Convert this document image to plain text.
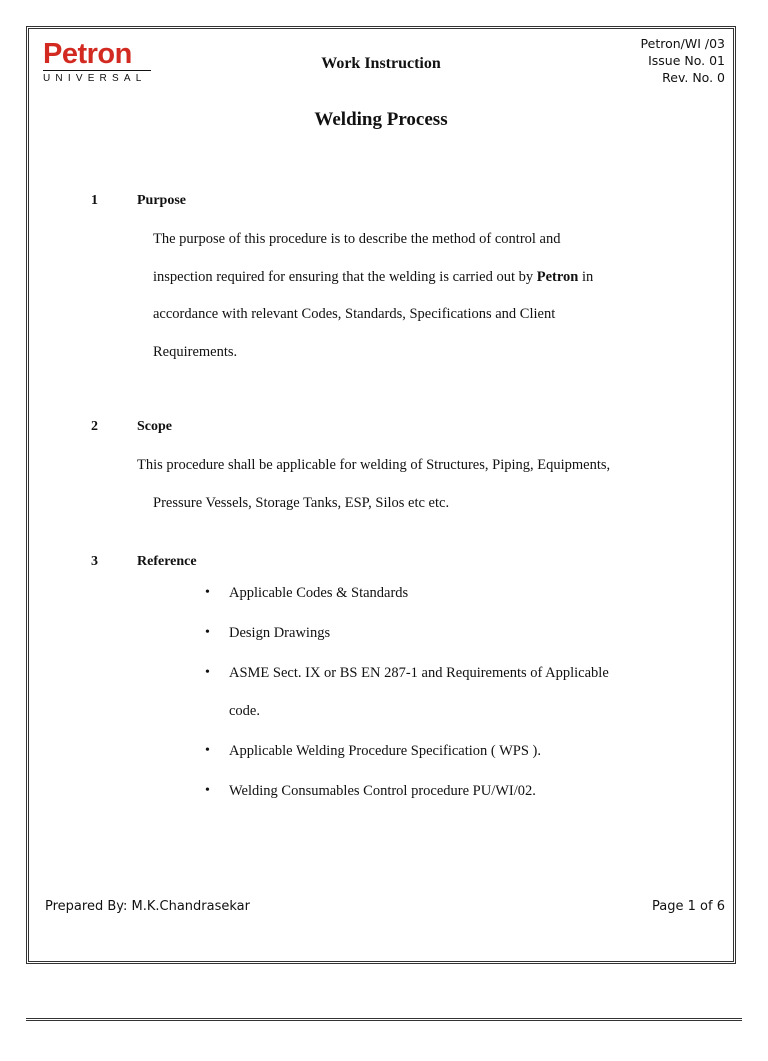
Petron
UNIVERSAL
Work Instruction
Petron/WI /03
Issue No. 01
Rev. No. 0
Welding Process
1	Purpose
The purpose of this procedure is to describe the method of control and
inspection required for ensuring that the welding is carried out by Petron in
accordance with relevant Codes, Standards, Specifications and Client
Requirements.
2	Scope
This procedure shall be applicable for welding of Structures, Piping, Equipments,
Pressure Vessels, Storage Tanks, ESP, Silos etc etc.
3	Reference
• Applicable Codes & Standards
• Design Drawings
• ASME Sect. IX or BS EN 287-1 and Requirements of Applicable
code.
• Applicable Welding Procedure Specification ( WPS ).
• Welding Consumables Control procedure PU/WI/02.
Prepared By: M.K.Chandrasekar	Page 1 of 6
